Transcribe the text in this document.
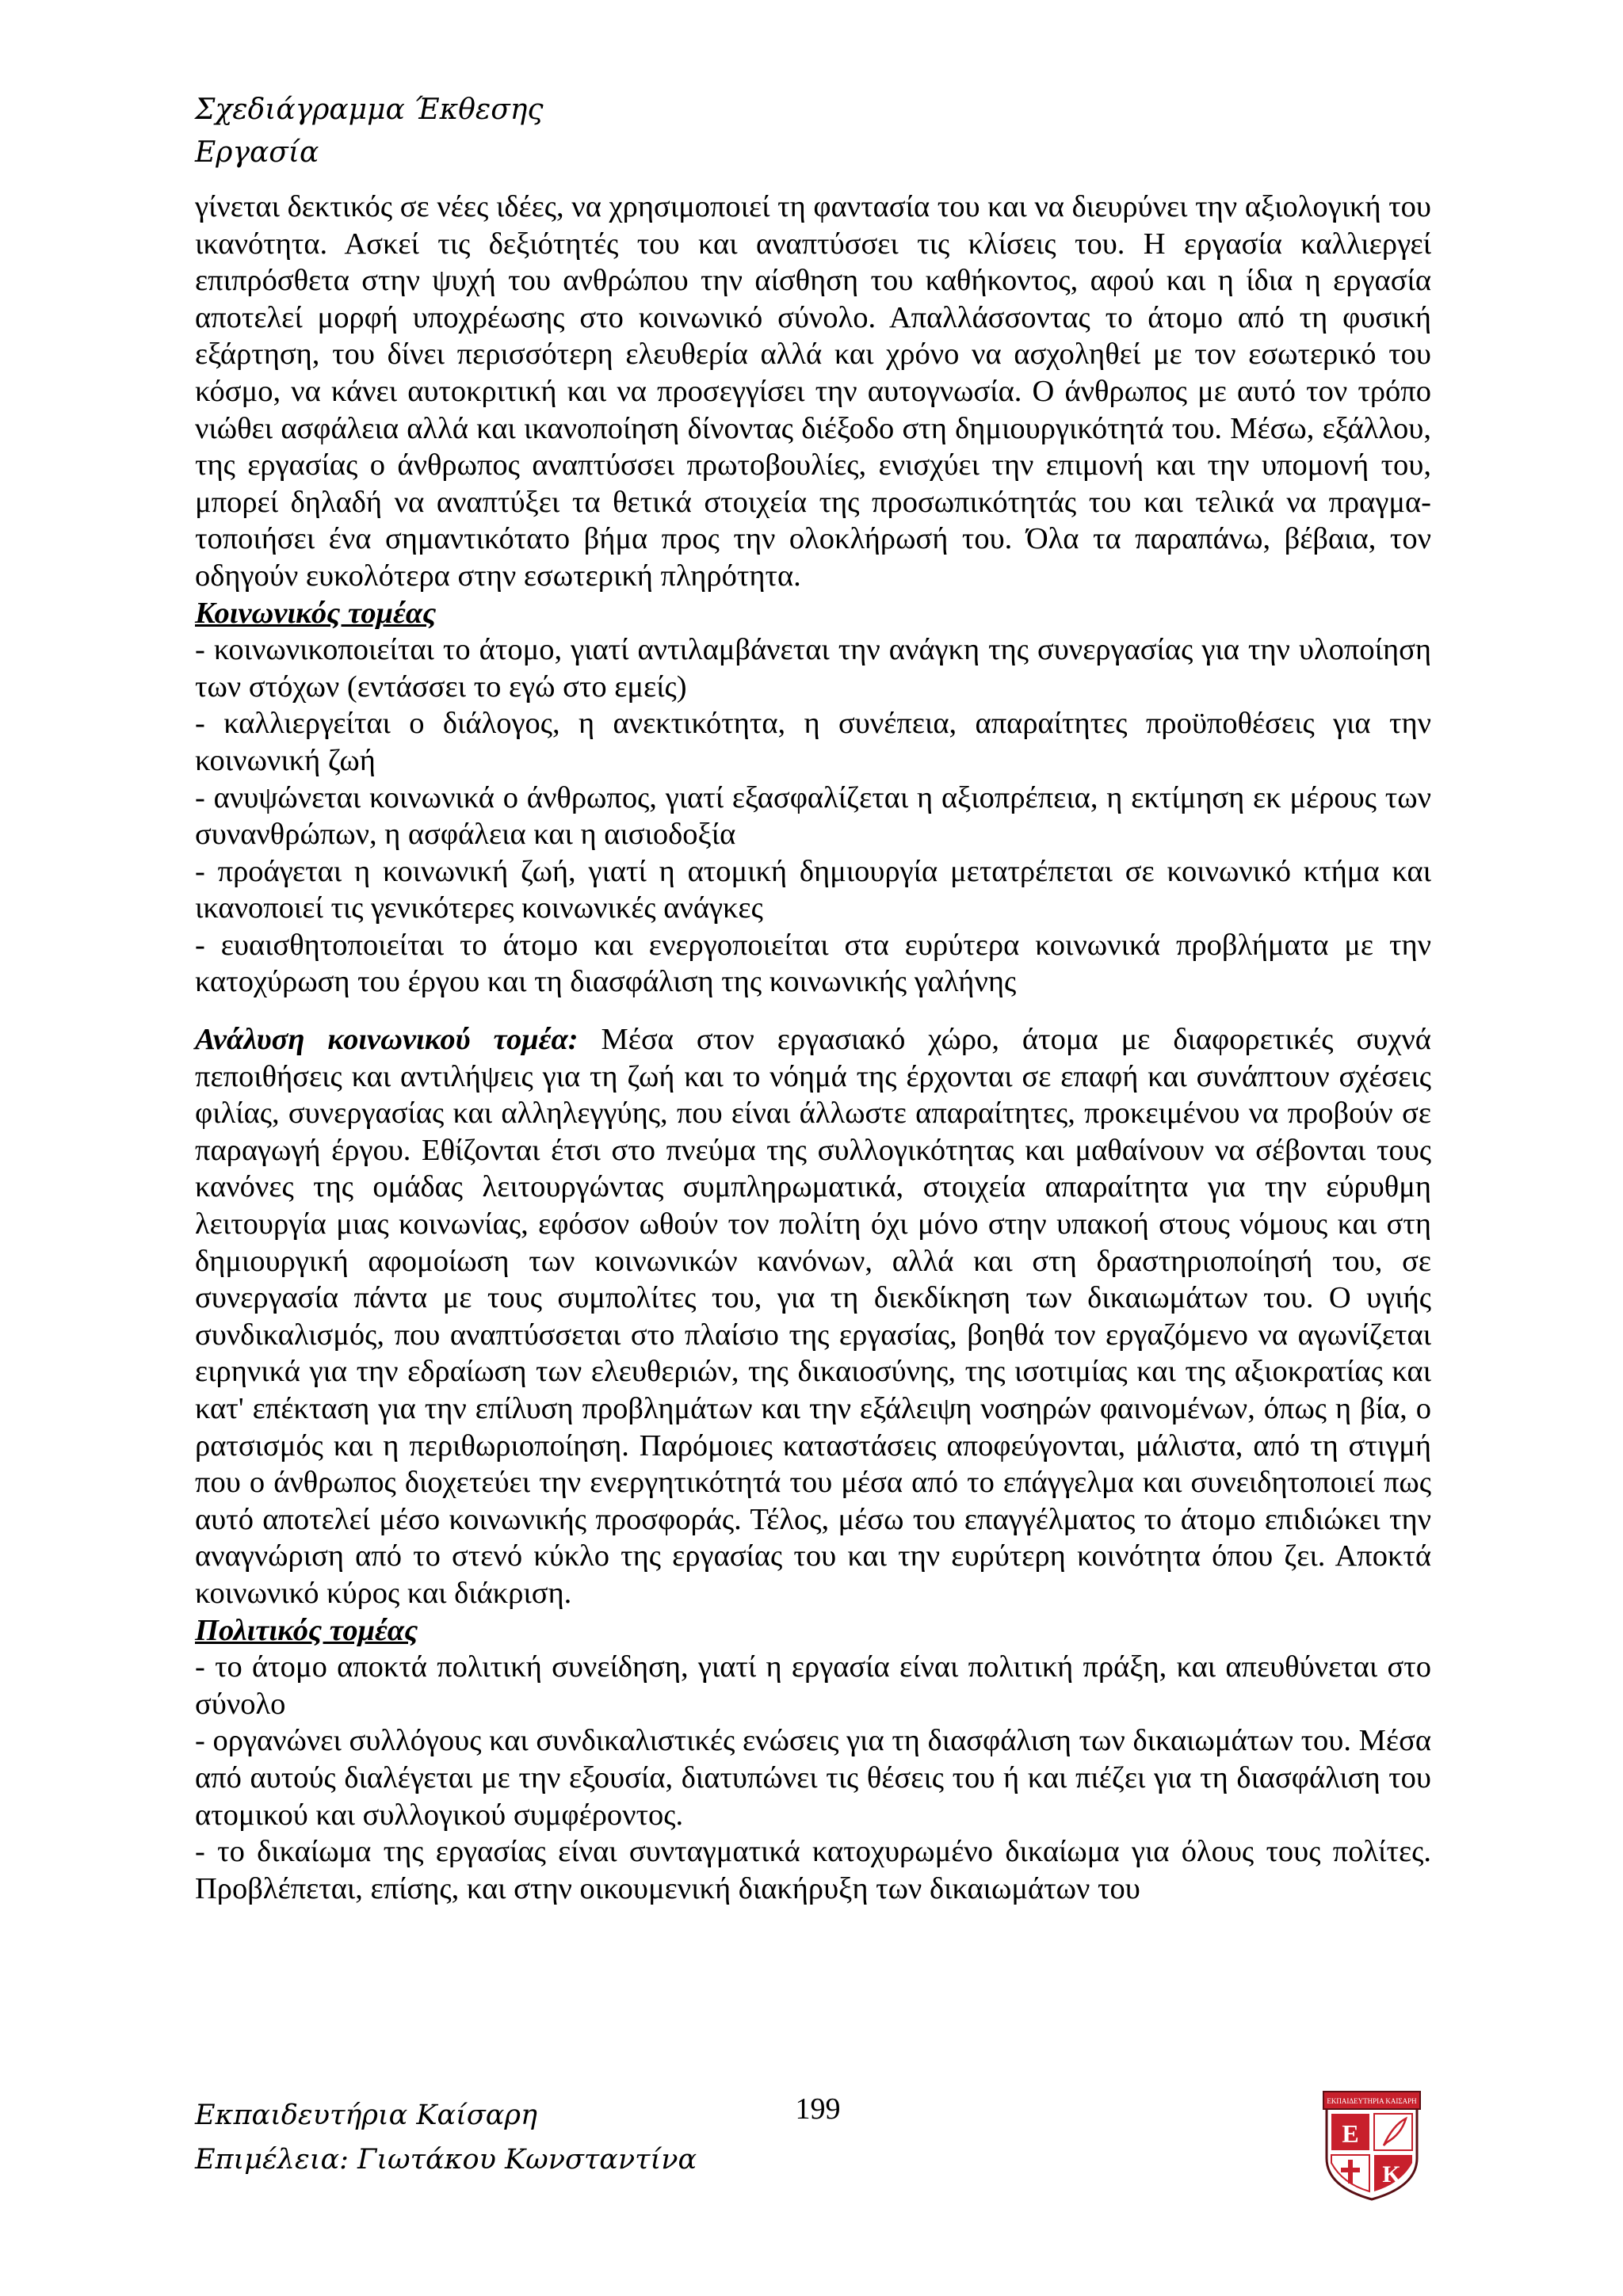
Σχεδιάγραμμα Έκθεσης
Εργασία

γίνεται δεκτικός σε νέες ιδέες, να χρησιμοποιεί τη φαντασία του και να διευρύνει την αξιολογική του ικανότητα. Ασκεί τις δεξιότητές του και αναπτύσσει τις κλίσεις του. Η εργασία καλλιεργεί επιπρόσθετα στην ψυχή του ανθρώπου την αίσθηση του καθήκοντος, αφού και η ίδια η εργασία αποτελεί μορφή υποχρέωσης στο κοινωνικό σύνολο. Απαλλάσσοντας το άτομο από τη φυσική εξάρτηση, του δίνει περισσότερη ελευθερία αλλά και χρόνο να ασχοληθεί με τον εσωτερικό του κόσμο, να κάνει αυτοκριτική και να προσεγγίσει την αυτογνωσία. Ο άνθρωπος με αυτό τον τρόπο νιώθει ασφάλεια αλλά και ικανοποίηση δίνοντας διέξοδο στη δημιουργικότητά του. Μέσω, εξάλλου, της εργασίας ο άνθρωπος αναπτύσσει πρωτοβουλίες, ενισχύει την επιμονή και την υπομονή του, μπορεί δηλαδή να αναπτύξει τα θετικά στοιχεία της προσωπικότητάς του και τελικά να πραγματοποιήσει ένα σημαντικότατο βήμα προς την ολοκλήρωσή του. Όλα τα παραπάνω, βέβαια, τον οδηγούν ευκολότερα στην εσωτερική πληρότητα.

Κοινωνικός τομέας

- κοινωνικοποιείται το άτομο, γιατί αντιλαμβάνεται την ανάγκη της συνεργασίας για την υλοποίηση των στόχων (εντάσσει το εγώ στο εμείς)

- καλλιεργείται ο διάλογος, η ανεκτικότητα, η συνέπεια, απαραίτητες προϋποθέσεις για την κοινωνική ζωή

- ανυψώνεται κοινωνικά ο άνθρωπος, γιατί εξασφαλίζεται η αξιοπρέπεια, η εκτίμηση εκ μέρους των συνανθρώπων, η ασφάλεια και η αισιοδοξία

- προάγεται η κοινωνική ζωή, γιατί η ατομική δημιουργία μετατρέπεται σε κοινωνικό κτήμα και ικανοποιεί τις γενικότερες κοινωνικές ανάγκες

- ευαισθητοποιείται το άτομο και ενεργοποιείται στα ευρύτερα κοινωνικά προβλήματα με την κατοχύρωση του έργου και τη διασφάλιση της κοινωνικής γαλήνης

Ανάλυση κοινωνικού τομέα: Μέσα στον εργασιακό χώρο, άτομα με διαφορετικές συχνά πεποιθήσεις και αντιλήψεις για τη ζωή και το νόημά της έρχονται σε επαφή και συνάπτουν σχέσεις φιλίας, συνεργασίας και αλληλεγγύης, που είναι άλλωστε απαραίτητες, προκειμένου να προβούν σε παραγωγή έργου. Εθίζονται έτσι στο πνεύμα της συλλογικότητας και μαθαίνουν να σέβονται τους κανόνες της ομάδας λειτουργώντας συμπληρωματικά, στοιχεία απαραίτητα για την εύρυθμη λειτουργία μιας κοινωνίας, εφόσον ωθούν τον πολίτη όχι μόνο στην υπακοή στους νόμους και στη δημιουργική αφομοίωση των κοινωνικών κανόνων, αλλά και στη δραστηριοποίησή του, σε συνεργασία πάντα με τους συμπολίτες του, για τη διεκδίκηση των δικαιωμάτων του. Ο υγιής συνδικαλισμός, που αναπτύσσεται στο πλαίσιο της εργασίας, βοηθά τον εργαζόμενο να αγωνίζεται ειρηνικά για την εδραίωση των ελευθεριών, της δικαιοσύνης, της ισοτιμίας και της αξιοκρατίας και κατ' επέκταση για την επίλυση προβλημάτων και την εξάλειψη νοσηρών φαινομένων, όπως η βία, ο ρατσισμός και η περιθωριοποίηση. Παρόμοιες καταστάσεις αποφεύγονται, μάλιστα, από τη στιγμή που ο άνθρωπος διοχετεύει την ενεργητικότητά του μέσα από το επάγγελμα και συνειδητοποιεί πως αυτό αποτελεί μέσο κοινωνικής προσφοράς. Τέλος, μέσω του επαγγέλματος το άτομο επιδιώκει την αναγνώριση από το στενό κύκλο της εργασίας του και την ευρύτερη κοινότητα όπου ζει. Αποκτά κοινωνικό κύρος και διάκριση.

Πολιτικός τομέας

- το άτομο αποκτά πολιτική συνείδηση, γιατί η εργασία είναι πολιτική πράξη, και απευθύνεται στο σύνολο

- οργανώνει συλλόγους και συνδικαλιστικές ενώσεις για τη διασφάλιση των δικαιωμάτων του. Μέσα από αυτούς διαλέγεται με την εξουσία, διατυπώνει τις θέσεις του ή και πιέζει για τη διασφάλιση του ατομικού και συλλογικού συμφέροντος.

- το δικαίωμα της εργασίας είναι συνταγματικά κατοχυρωμένο δικαίωμα για όλους τους πολίτες. Προβλέπεται, επίσης, και στην οικουμενική διακήρυξη των δικαιωμάτων του

Εκπαιδευτήρια Καίσαρη
Επιμέλεια: Γιωτάκου Κωνσταντίνα
199	ΕΚΠΑΙΔΕΥΤΗΡΙΑ ΚΑΙΣΑΡΗ
Ε
Κ
